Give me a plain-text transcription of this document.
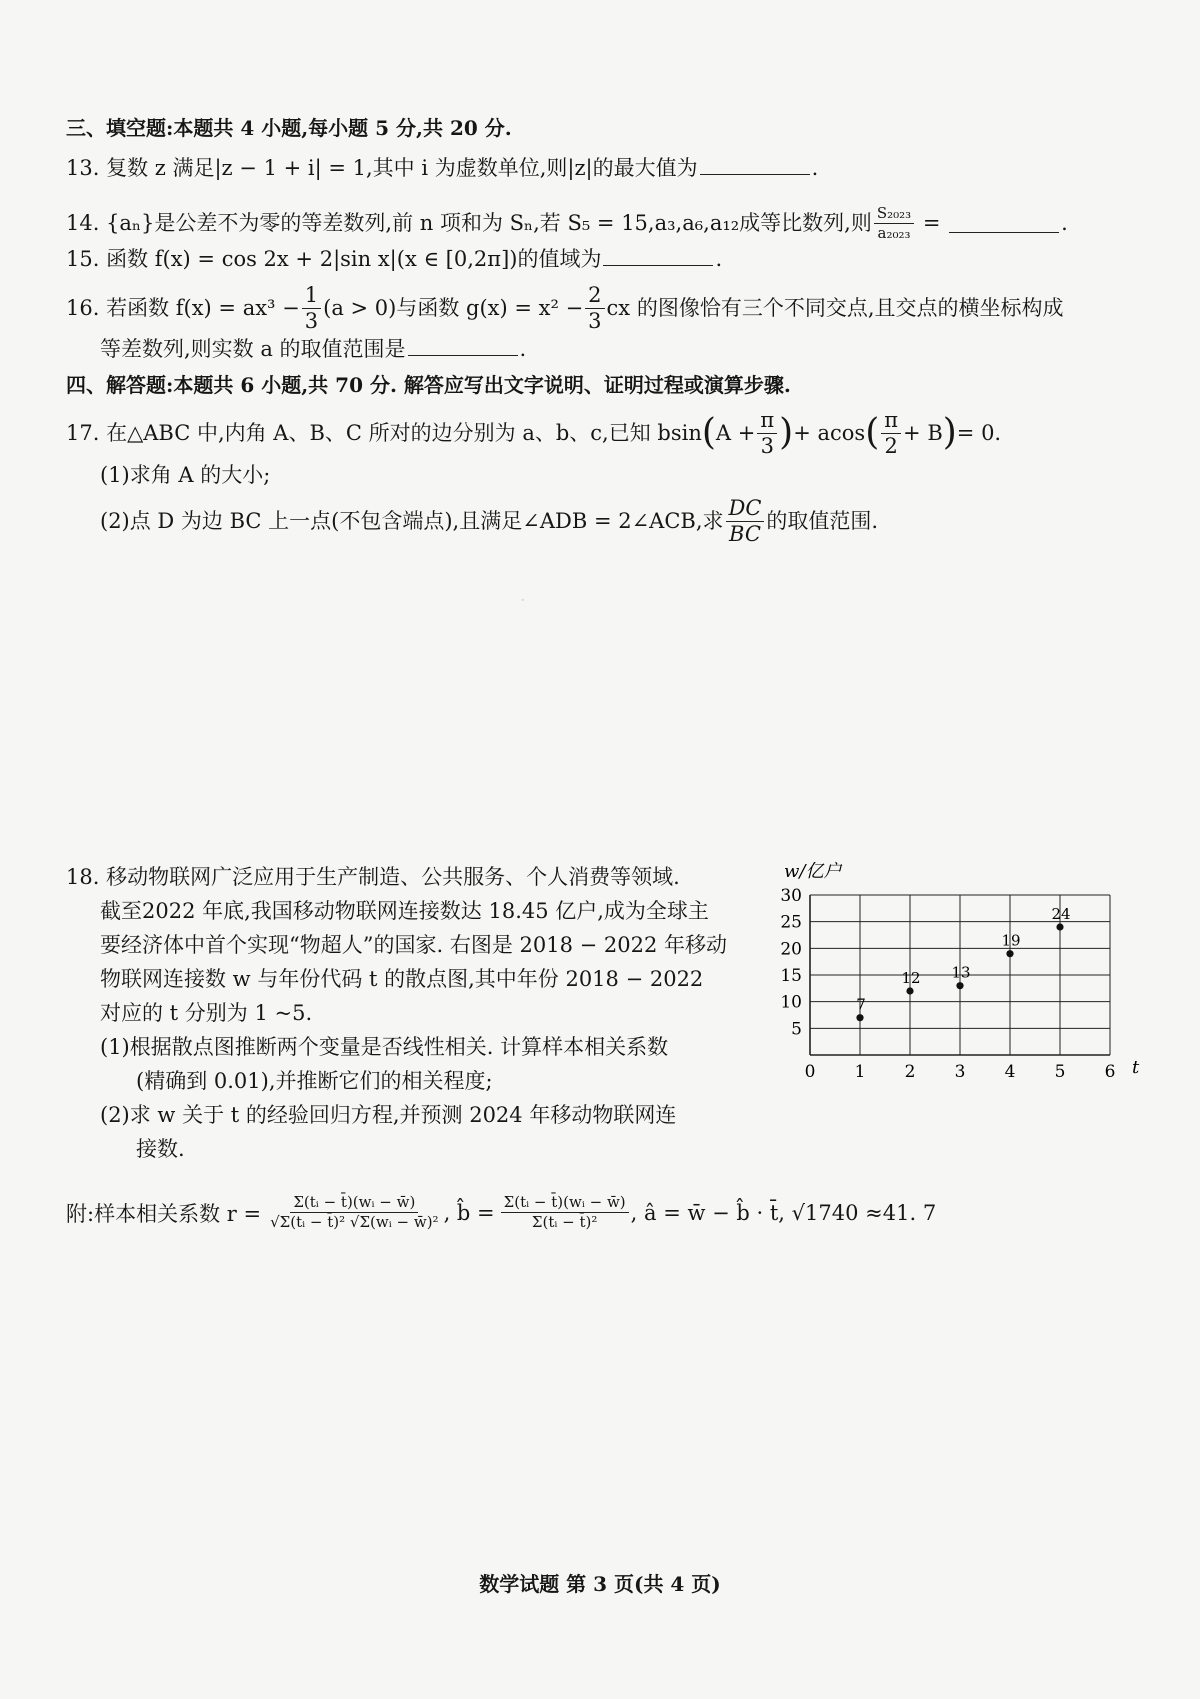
·
三、填空题:本题共 4 小题,每小题 5 分,共 20 分.
13. 复数 z 满足|z − 1 + i| = 1,其中 i 为虚数单位,则|z|的最大值为	.
14. {aₙ}是公差不为零的等差数列,前 n 项和为 Sₙ,若 S₅ = 15,a₃,a₆,a₁₂成等比数列,则 $\frac{\text{S₂₀₂₃}}{\text{a₂₀₂₃}}$ =	.
15. 函数 f(x) = cos 2x + 2|sin x|(x ∈ [0,2π])的值域为	.
16. 若函数 $f(x) = ax^3 - \frac{1}{3} (a > 0)$与函数 $g(x) = x^2 - \frac{2}{3}$ cx 的图像恰有三个不同交点,且交点的横坐标构成
等差数列,则实数 a 的取值范围是	.
四、解答题:本题共 6 小题,共 70 分. 解答应写出文字说明、证明过程或演算步骤.
17. 在△ABC 中,内角 A、B、C 所对的边分别为 a、b、c,已知 bsin ( $A + \frac{\pi}{3}$ ) + acos ( $\frac{\pi}{2} + B$ ) = 0.
(1)求角 A 的大小;
(2)点 D 为边 BC 上一点(不包含端点),且满足∠ADB = 2∠ACB,求 $\frac{DC}{BC}$ 的取值范围.

18. 移动物联网广泛应用于生产制造、公共服务、个人消费等领域.

截至2022 年底,我国移动物联网连接数达 18.45 亿户,成为全球主

要经济体中首个实现“物超人”的国家. 右图是 2018 − 2022 年移动

物联网连接数 w 与年份代码 t 的散点图,其中年份 2018 − 2022

对应的 t 分别为 1 ~5.

(1)根据散点图推断两个变量是否线性相关. 计算样本相关系数

(精确到 0.01),并推断它们的相关程度;

(2)求 w 关于 t 的经验回归方程,并预测 2024 年移动物联网连

接数.

w/亿户
t
0 1 2 3 4 5 6
5
10
15
20
25
30
7
12 13
19
24
附:样本相关系数 $r = \frac{\text{Σ(tᵢ − t̄)(wᵢ − w̄)}}{\text{√Σ(tᵢ − t̄)² √Σ(wᵢ − w̄)²}}$ , b̂ = $\frac{\text{Σ(tᵢ − t̄)(wᵢ − w̄)}}{\text{Σ(tᵢ − t̄)²}}$ , â = w̄ − b̂ · t̄, √1740 ≈41. 7
数学试题 第 3 页(共 4 页)
